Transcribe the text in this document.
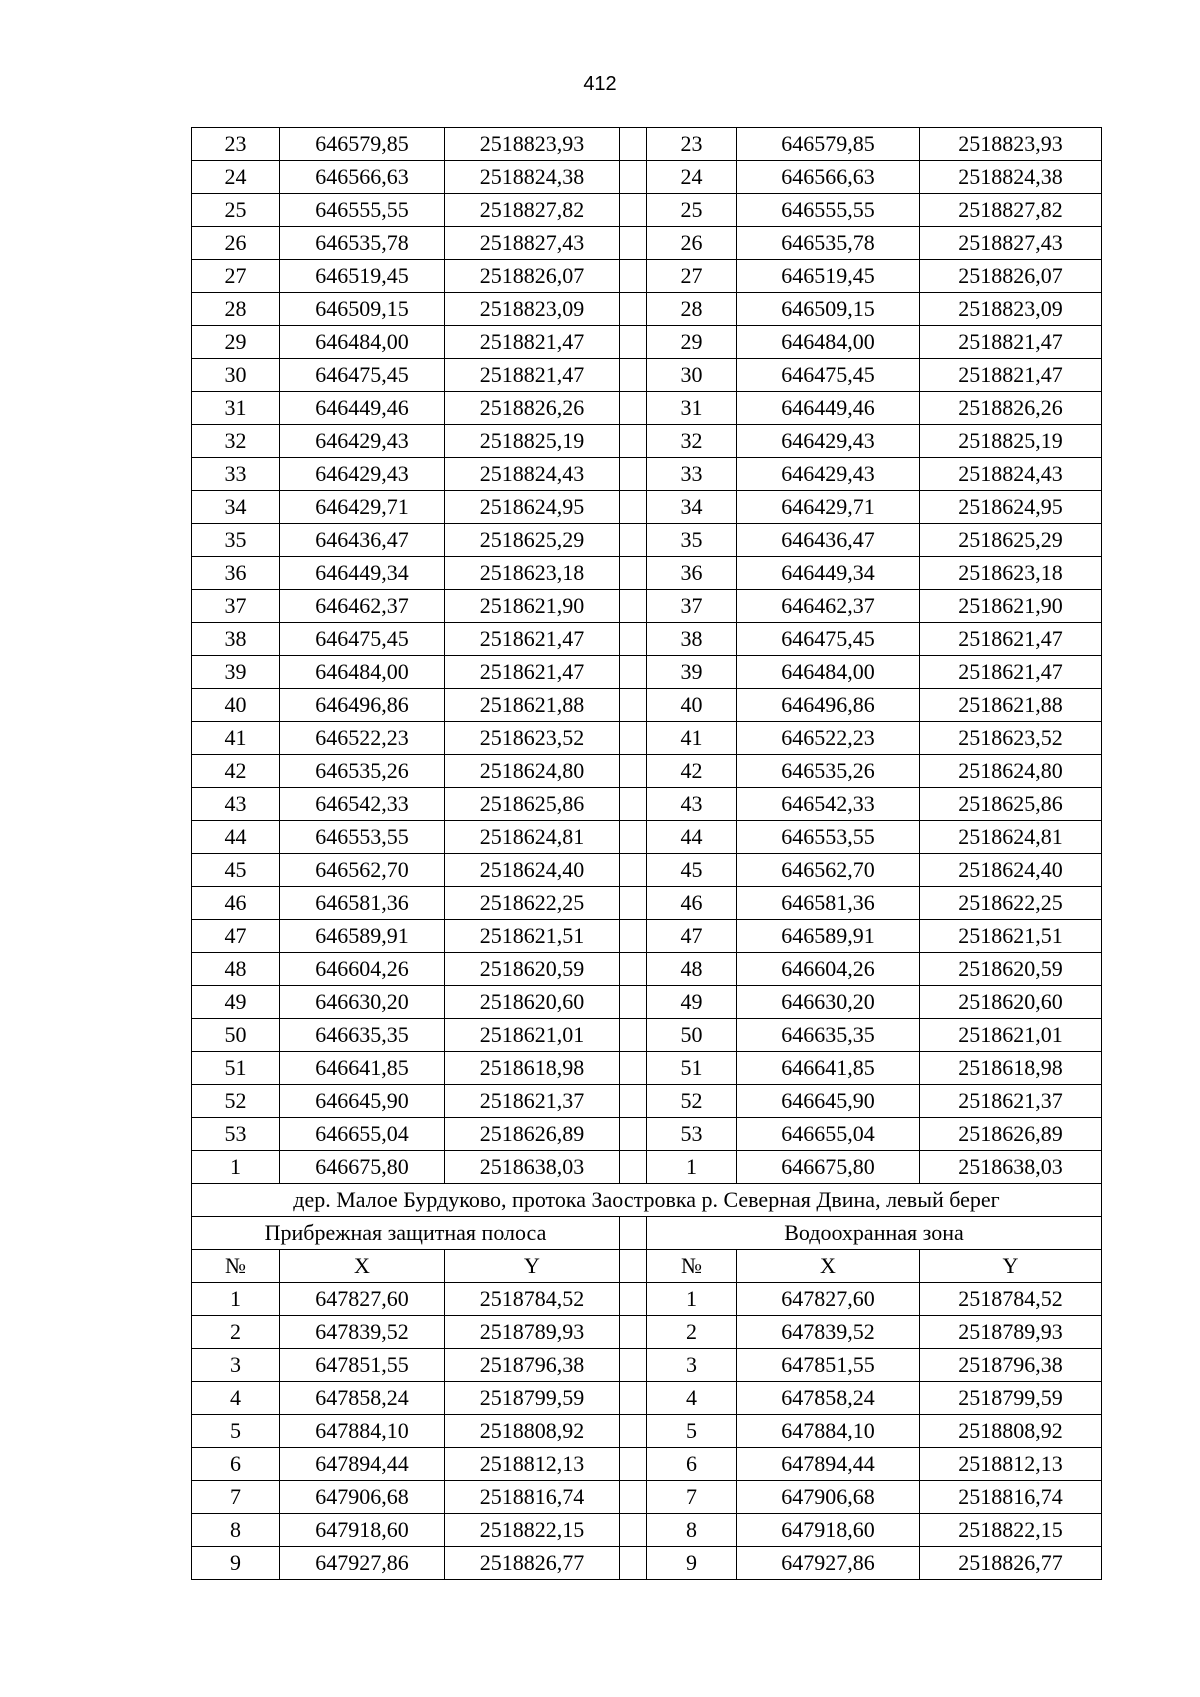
412
23	646579,85	2518823,93		23	646579,85	2518823,93
24	646566,63	2518824,38		24	646566,63	2518824,38
25	646555,55	2518827,82		25	646555,55	2518827,82
26	646535,78	2518827,43		26	646535,78	2518827,43
27	646519,45	2518826,07		27	646519,45	2518826,07
28	646509,15	2518823,09		28	646509,15	2518823,09
29	646484,00	2518821,47		29	646484,00	2518821,47
30	646475,45	2518821,47		30	646475,45	2518821,47
31	646449,46	2518826,26		31	646449,46	2518826,26
32	646429,43	2518825,19		32	646429,43	2518825,19
33	646429,43	2518824,43		33	646429,43	2518824,43
34	646429,71	2518624,95		34	646429,71	2518624,95
35	646436,47	2518625,29		35	646436,47	2518625,29
36	646449,34	2518623,18		36	646449,34	2518623,18
37	646462,37	2518621,90		37	646462,37	2518621,90
38	646475,45	2518621,47		38	646475,45	2518621,47
39	646484,00	2518621,47		39	646484,00	2518621,47
40	646496,86	2518621,88		40	646496,86	2518621,88
41	646522,23	2518623,52		41	646522,23	2518623,52
42	646535,26	2518624,80		42	646535,26	2518624,80
43	646542,33	2518625,86		43	646542,33	2518625,86
44	646553,55	2518624,81		44	646553,55	2518624,81
45	646562,70	2518624,40		45	646562,70	2518624,40
46	646581,36	2518622,25		46	646581,36	2518622,25
47	646589,91	2518621,51		47	646589,91	2518621,51
48	646604,26	2518620,59		48	646604,26	2518620,59
49	646630,20	2518620,60		49	646630,20	2518620,60
50	646635,35	2518621,01		50	646635,35	2518621,01
51	646641,85	2518618,98		51	646641,85	2518618,98
52	646645,90	2518621,37		52	646645,90	2518621,37
53	646655,04	2518626,89		53	646655,04	2518626,89
1	646675,80	2518638,03		1	646675,80	2518638,03
дер. Малое Бурдуково, протока Заостровка р. Северная Двина, левый берег						
Прибрежная защитная полоса				Водоохранная зона		
№	X	Y		№	X	Y
1	647827,60	2518784,52		1	647827,60	2518784,52
2	647839,52	2518789,93		2	647839,52	2518789,93
3	647851,55	2518796,38		3	647851,55	2518796,38
4	647858,24	2518799,59		4	647858,24	2518799,59
5	647884,10	2518808,92		5	647884,10	2518808,92
6	647894,44	2518812,13		6	647894,44	2518812,13
7	647906,68	2518816,74		7	647906,68	2518816,74
8	647918,60	2518822,15		8	647918,60	2518822,15
9	647927,86	2518826,77		9	647927,86	2518826,77
